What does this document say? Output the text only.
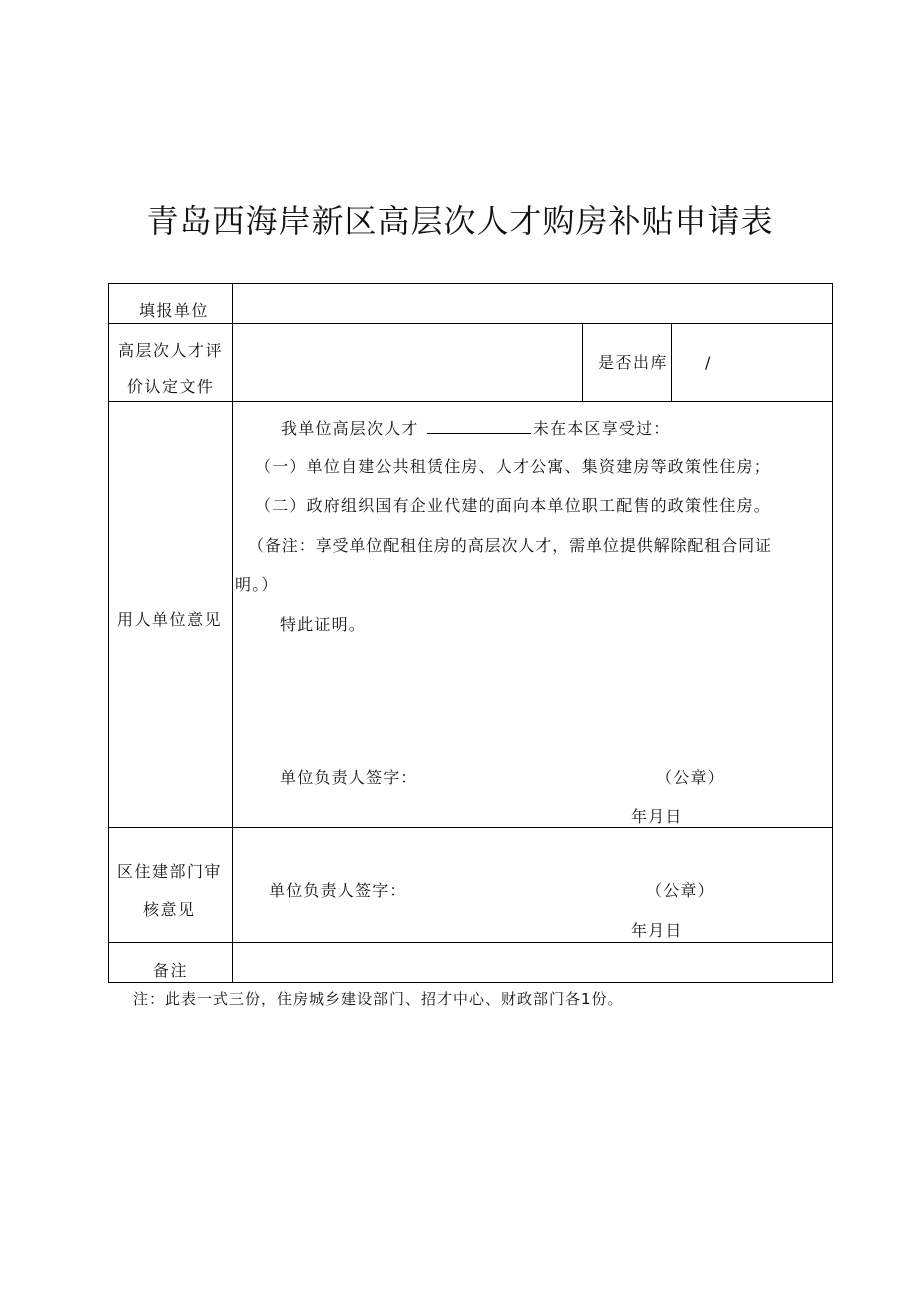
青岛西海岸新区高层次人才购房补贴申请表
填报单位
高层次人才评
价认定文件
是否出库 /
用人单位意见
我单位高层次人才	未在本区享受过：
（一）单位自建公共租赁住房、人才公寓、集资建房等政策性住房；
（二）政府组织国有企业代建的面向本单位职工配售的政策性住房。
（备注：享受单位配租住房的高层次人才，需单位提供解除配租合同证
明。）
特此证明。
单位负责人签字：	（公章）
年月日
区住建部门审
核意见
单位负责人签字：	（公章）
年月日
备注
注：此表一式三份，住房城乡建设部门、招才中心、财政部门各1份。
